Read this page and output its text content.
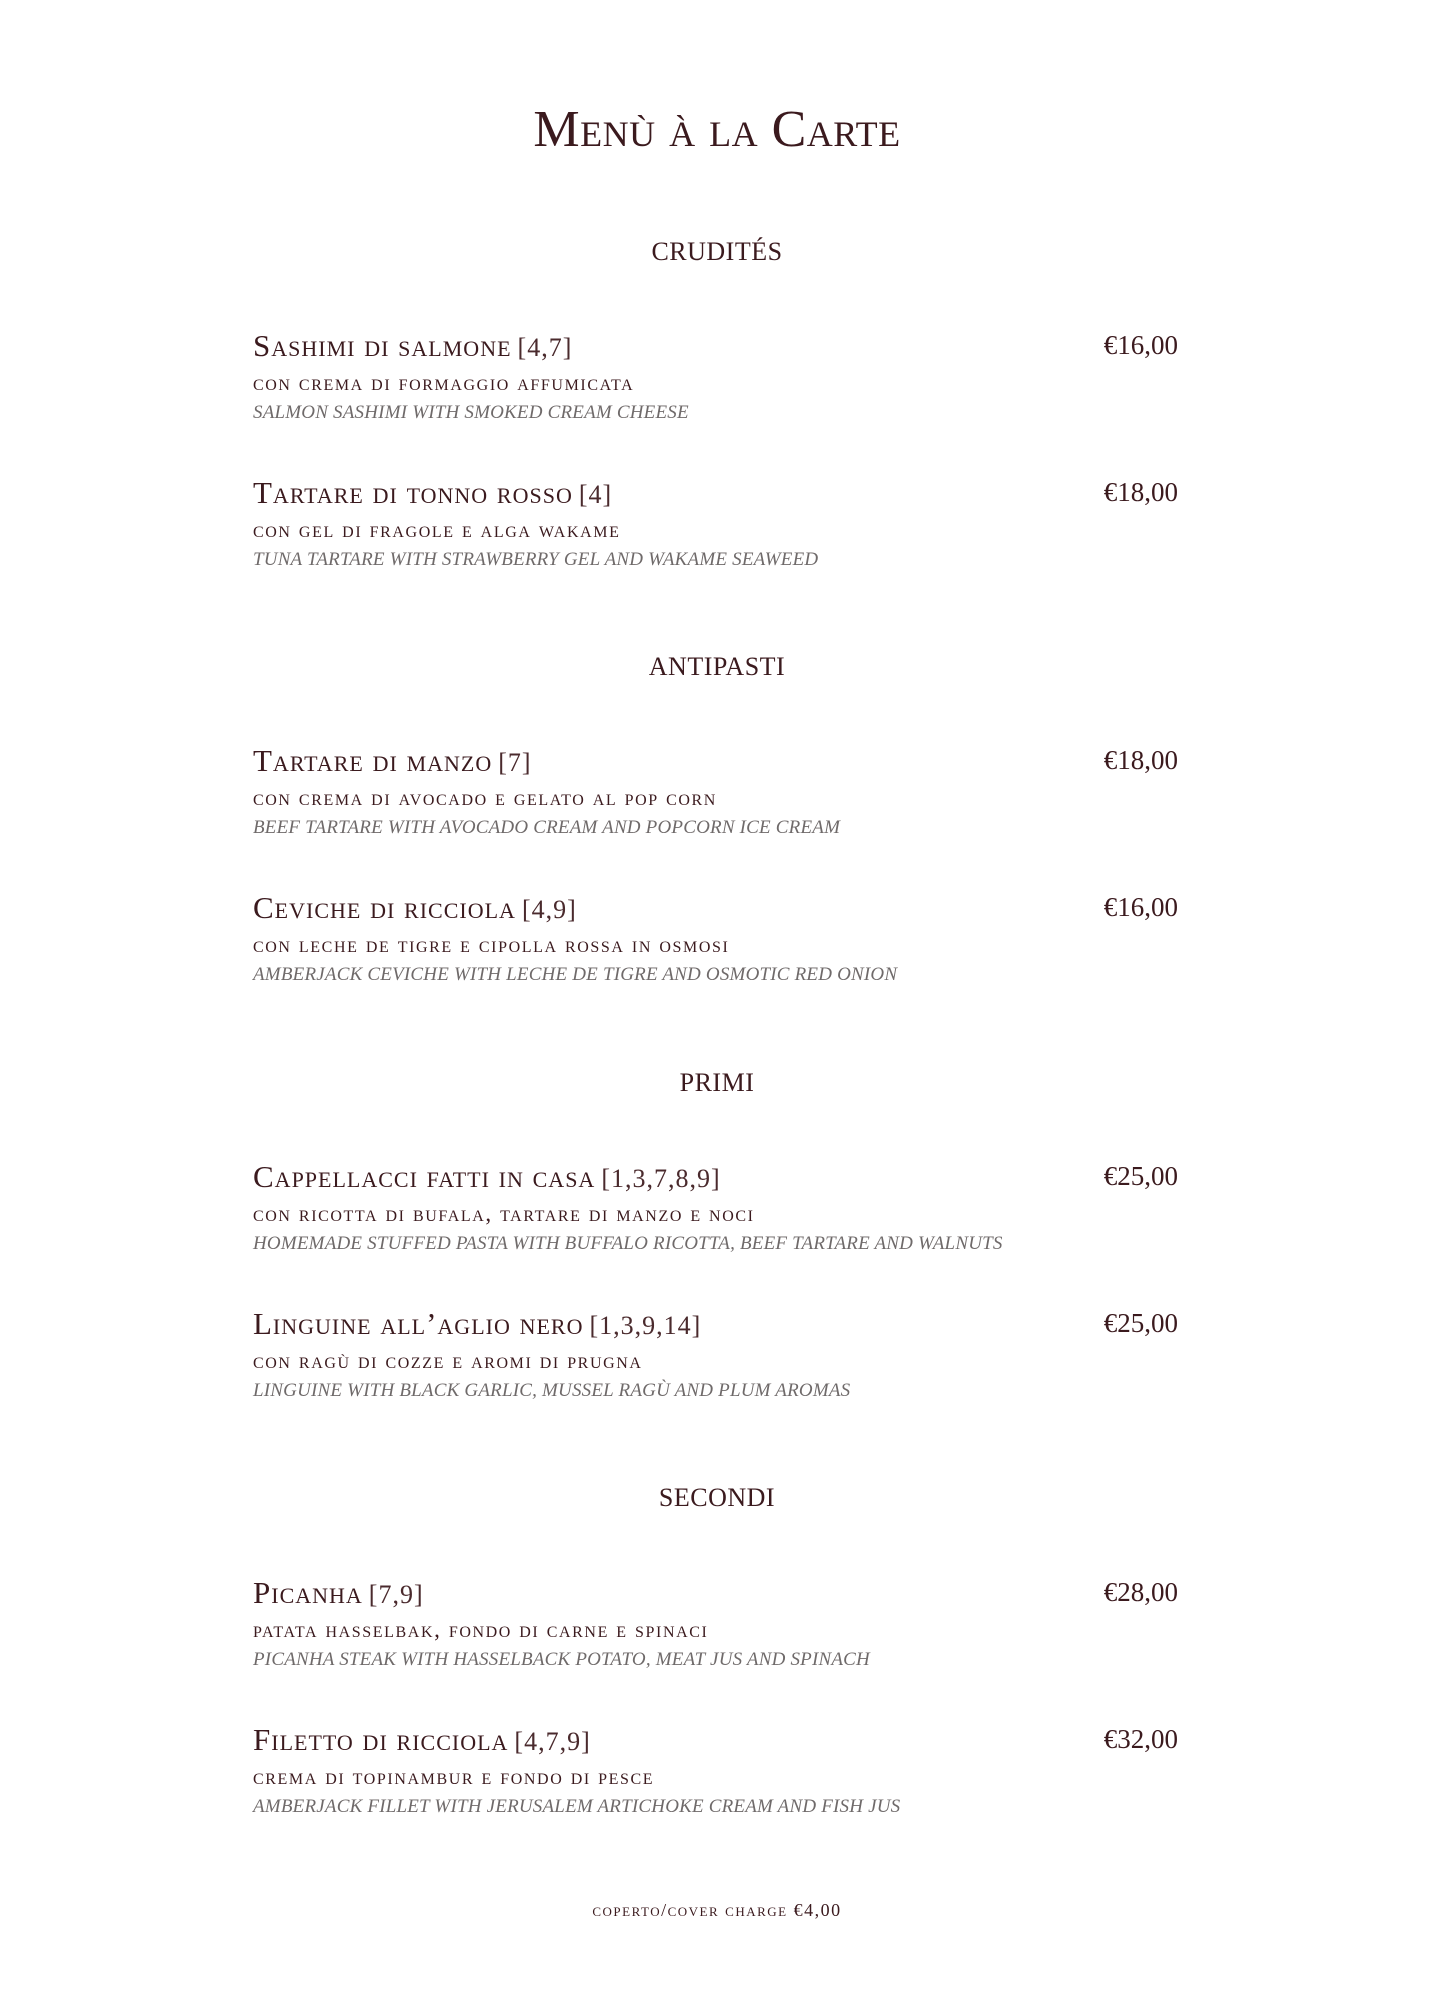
Menù à la Carte
CRUDITÉS
Sashimi di salmone [4,7]	€16,00
con crema di formaggio affumicata
SALMON SASHIMI WITH SMOKED CREAM CHEESE
Tartare di tonno rosso [4]	€18,00
con gel di fragole e alga wakame
TUNA TARTARE WITH STRAWBERRY GEL AND WAKAME SEAWEED
ANTIPASTI
Tartare di manzo [7]	€18,00
con crema di avocado e gelato al pop corn
BEEF TARTARE WITH AVOCADO CREAM AND POPCORN ICE CREAM
Ceviche di ricciola [4,9]	€16,00
con leche de tigre e cipolla rossa in osmosi
AMBERJACK CEVICHE WITH LECHE DE TIGRE AND OSMOTIC RED ONION
PRIMI
Cappellacci fatti in casa [1,3,7,8,9]	€25,00
con ricotta di bufala, tartare di manzo e noci
HOMEMADE STUFFED PASTA WITH BUFFALO RICOTTA, BEEF TARTARE AND WALNUTS
Linguine all’aglio nero [1,3,9,14]	€25,00
con ragù di cozze e aromi di prugna
LINGUINE WITH BLACK GARLIC, MUSSEL RAGÙ AND PLUM AROMAS
SECONDI
Picanha [7,9]	€28,00
patata hasselbak, fondo di carne e spinaci
PICANHA STEAK WITH HASSELBACK POTATO, MEAT JUS AND SPINACH
Filetto di ricciola [4,7,9]	€32,00
crema di topinambur e fondo di pesce
AMBERJACK FILLET WITH JERUSALEM ARTICHOKE CREAM AND FISH JUS
coperto/cover charge €4,00
